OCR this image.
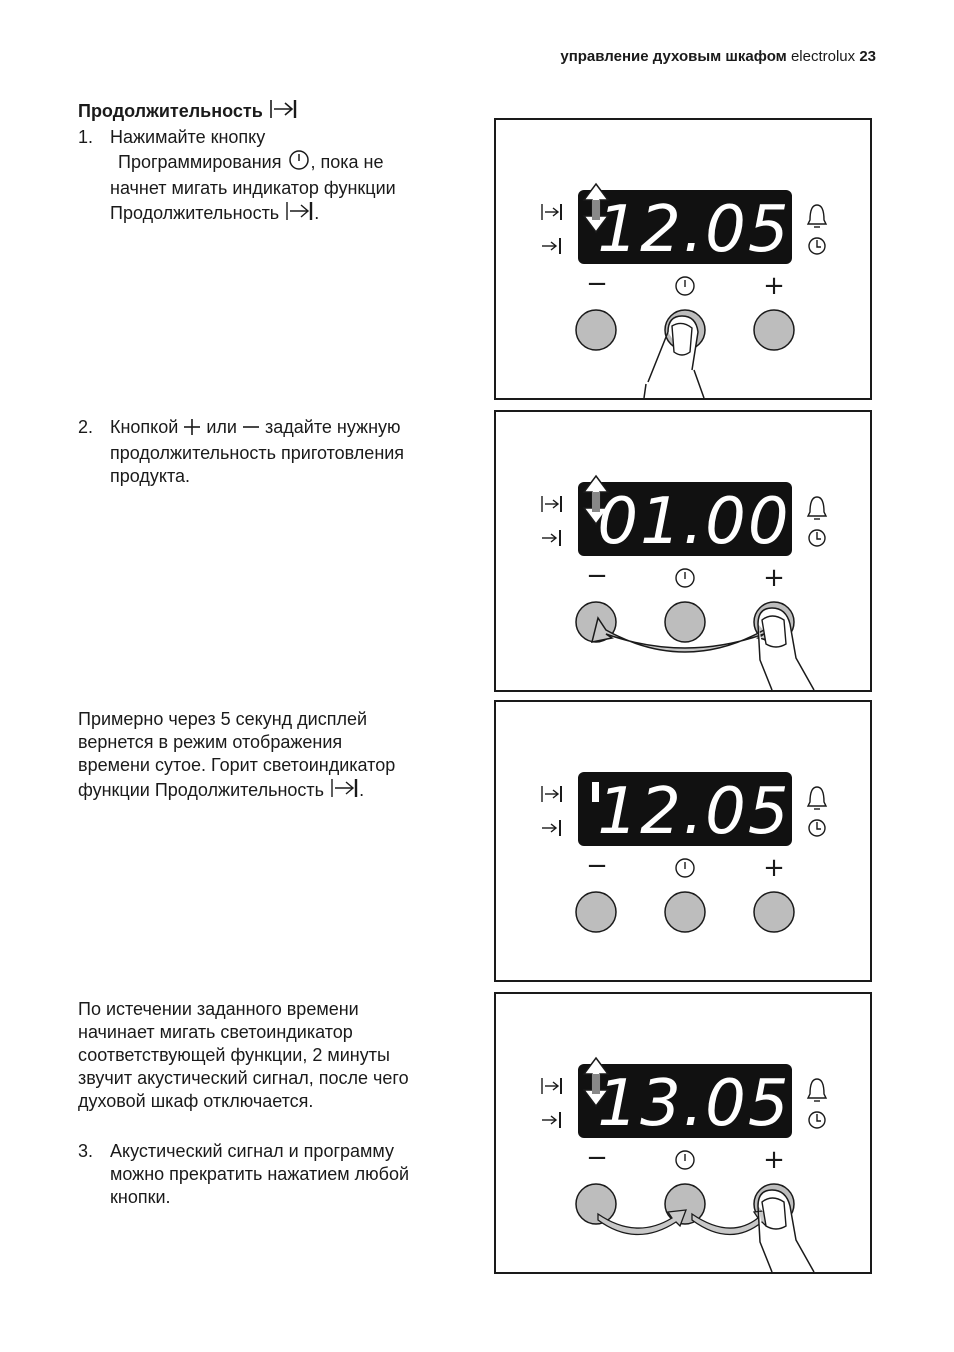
управление духовым шкафом electrolux 23
Продолжительность
1. Нажимайте кнопку
Программирования , пока не
начнет мигать индикатор функции
Продолжительность .
2. Кнопкой или задайте нужную
продолжительность приготовления
продукта.
Примерно через 5 секунд дисплей
вернется в режим отображения
времени сутое. Горит светоиндикатор
функции Продолжительность .
По истечении заданного времени
начинает мигать светоиндикатор
соответствующей функции, 2 минуты
звучит акустический сигнал, после чего
духовой шкаф отключается.
3. Акустический сигнал и программу
можно прекратить нажатием любой
кнопки.
12.05
−	+
01.00
−	+
12.05
−	+
13.05
−	+
